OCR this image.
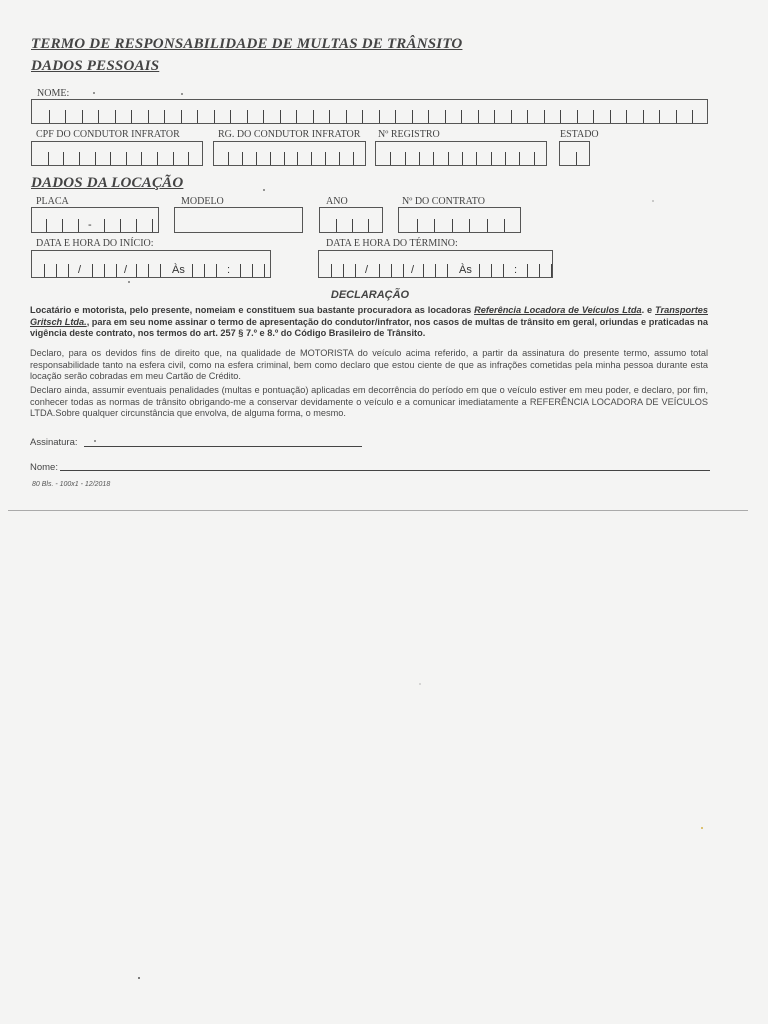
TERMO DE RESPONSABILIDADE DE MULTAS DE TRÂNSITO
DADOS PESSOAIS
NOME:
CPF DO CONDUTOR INFRATOR	RG. DO CONDUTOR INFRATOR Nº REGISTRO	ESTADO
DADOS DA LOCAÇÃO
PLACA
-
MODELO	ANO	Nº DO CONTRATO
DATA E HORA DO INÍCIO:
/	/	Às	:
DATA E HORA DO TÉRMINO:
/	/	Às	:
DECLARAÇÃO
Locatário e motorista, pelo presente, nomeiam e constituem sua bastante procuradora as locadoras Referência Locadora de Veículos Ltda. e Transportes Gritsch Ltda., para em seu nome assinar o termo de apresentação do condutor/infrator, nos casos de multas de trânsito em geral, oriundas e praticadas na vigência deste contrato, nos termos do art. 257 § 7.º e 8.º do Código Brasileiro de Trânsito.
Declaro, para os devidos fins de direito que, na qualidade de MOTORISTA do veículo acima referido, a partir da assinatura do presente termo, assumo total responsabilidade tanto na esfera civil, como na esfera criminal, bem como declaro que estou ciente de que as infrações cometidas pela minha pessoa durante esta locação serão cobradas em meu Cartão de Crédito.
Declaro ainda, assumir eventuais penalidades (multas e pontuação) aplicadas em decorrência do período em que o veículo estiver em meu poder, e declaro, por fim, conhecer todas as normas de trânsito obrigando-me a conservar devidamente o veículo e a comunicar imediatamente a REFERÊNCIA LOCADORA DE VEÍCULOS LTDA.Sobre qualquer circunstância que envolva, de alguma forma, o mesmo.
Assinatura:
Nome:
80 Bls. - 100x1 - 12/2018
